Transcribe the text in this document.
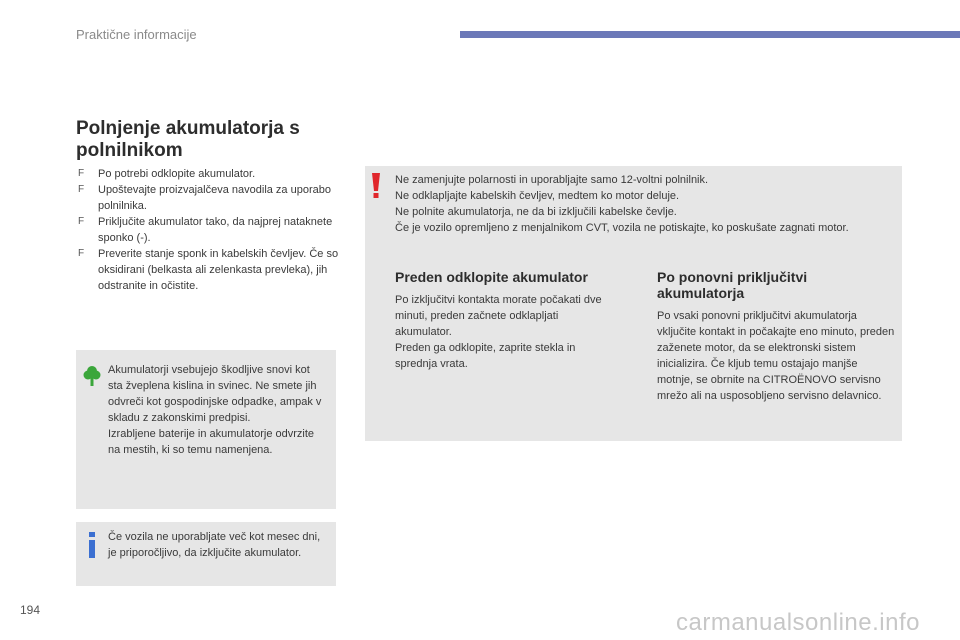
Praktične informacije
Polnjenje akumulatorja s polnilnikom
F Po potrebi odklopite akumulator.
F Upoštevajte proizvajalčeva navodila za uporabo polnilnika.
F Priključite akumulator tako, da najprej nataknete sponko (-).
F Preverite stanje sponk in kabelskih čevljev. Če so oksidirani (belkasta ali zelenkasta prevleka), jih odstranite in očistite.
Akumulatorji vsebujejo škodljive snovi kot sta žveplena kislina in svinec. Ne smete jih odvreči kot gospodinjske odpadke, ampak v skladu z zakonskimi predpisi.
Izrabljene baterije in akumulatorje odvrzite na mestih, ki so temu namenjena.
Če vozila ne uporabljate več kot mesec dni, je priporočljivo, da izključite akumulator.
Ne zamenjujte polarnosti in uporabljajte samo 12-voltni polnilnik.
Ne odklapljajte kabelskih čevljev, medtem ko motor deluje.
Ne polnite akumulatorja, ne da bi izključili kabelske čevlje.
Če je vozilo opremljeno z menjalnikom CVT, vozila ne potiskajte, ko poskušate zagnati motor.
Preden odklopite akumulator
Po izključitvi kontakta morate počakati dve minuti, preden začnete odklapljati akumulator.
Preden ga odklopite, zaprite stekla in sprednja vrata.
Po ponovni priključitvi akumulatorja
Po vsaki ponovni priključitvi akumulatorja vključite kontakt in počakajte eno minuto, preden zaženete motor, da se elektronski sistem inicializira. Če kljub temu ostajajo manjše motnje, se obrnite na CITROËNOVO servisno mrežo ali na usposobljeno servisno delavnico.
194	carmanualsonline.info
